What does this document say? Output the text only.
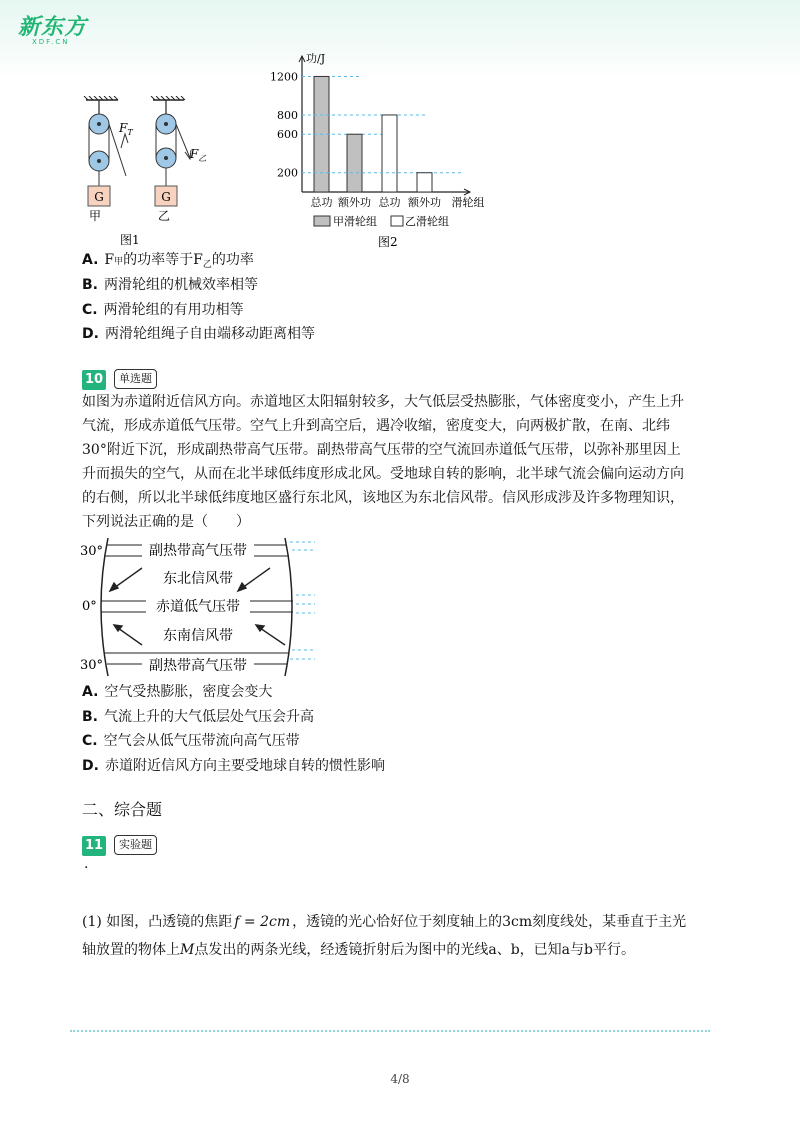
新东方
XDF.CN
$F_T$
G
甲
$F_乙$
G
乙
图1
功/J
200
600
800
1200
总功 额外功 总功 额外功 滑轮组
甲滑轮组	乙滑轮组
图2
A. F甲的功率等于$F_乙$的功率
B. 两滑轮组的机械效率相等
C. 两滑轮组的有用功相等
D. 两滑轮组绳子自由端移动距离相等
10	单选题
如图为赤道附近信风方向。赤道地区太阳辐射较多，大气低层受热膨胀，气体密度变小，产生上升
气流，形成赤道低气压带。空气上升到高空后，遇冷收缩，密度变大，向两极扩散，在南、北纬
30°附近下沉，形成副热带高气压带。副热带高气压带的空气流回赤道低气压带，以弥补那里因上
升而损失的空气，从而在北半球低纬度形成北风。受地球自转的影响，北半球气流会偏向运动方向
的右侧，所以北半球低纬度地区盛行东北风，该地区为东北信风带。信风形成涉及许多物理知识，
下列说法正确的是（　　）
30°
0°
30°
副热带高气压带
东北信风带
赤道低气压带
东南信风带
副热带高气压带
A. 空气受热膨胀，密度会变大
B. 气流上升的大气低层处气压会升高
C. 空气会从低气压带流向高气压带
D. 赤道附近信风方向主要受地球自转的惯性影响
二、综合题
11	实验题
.
(1) 如图，凸透镜的焦距 f = 2cm ，透镜的光心恰好位于刻度轴上的3cm刻度线处，某垂直于主光
轴放置的物体上M点发出的两条光线，经透镜折射后为图中的光线a、b，已知a与b平行。
4/8
